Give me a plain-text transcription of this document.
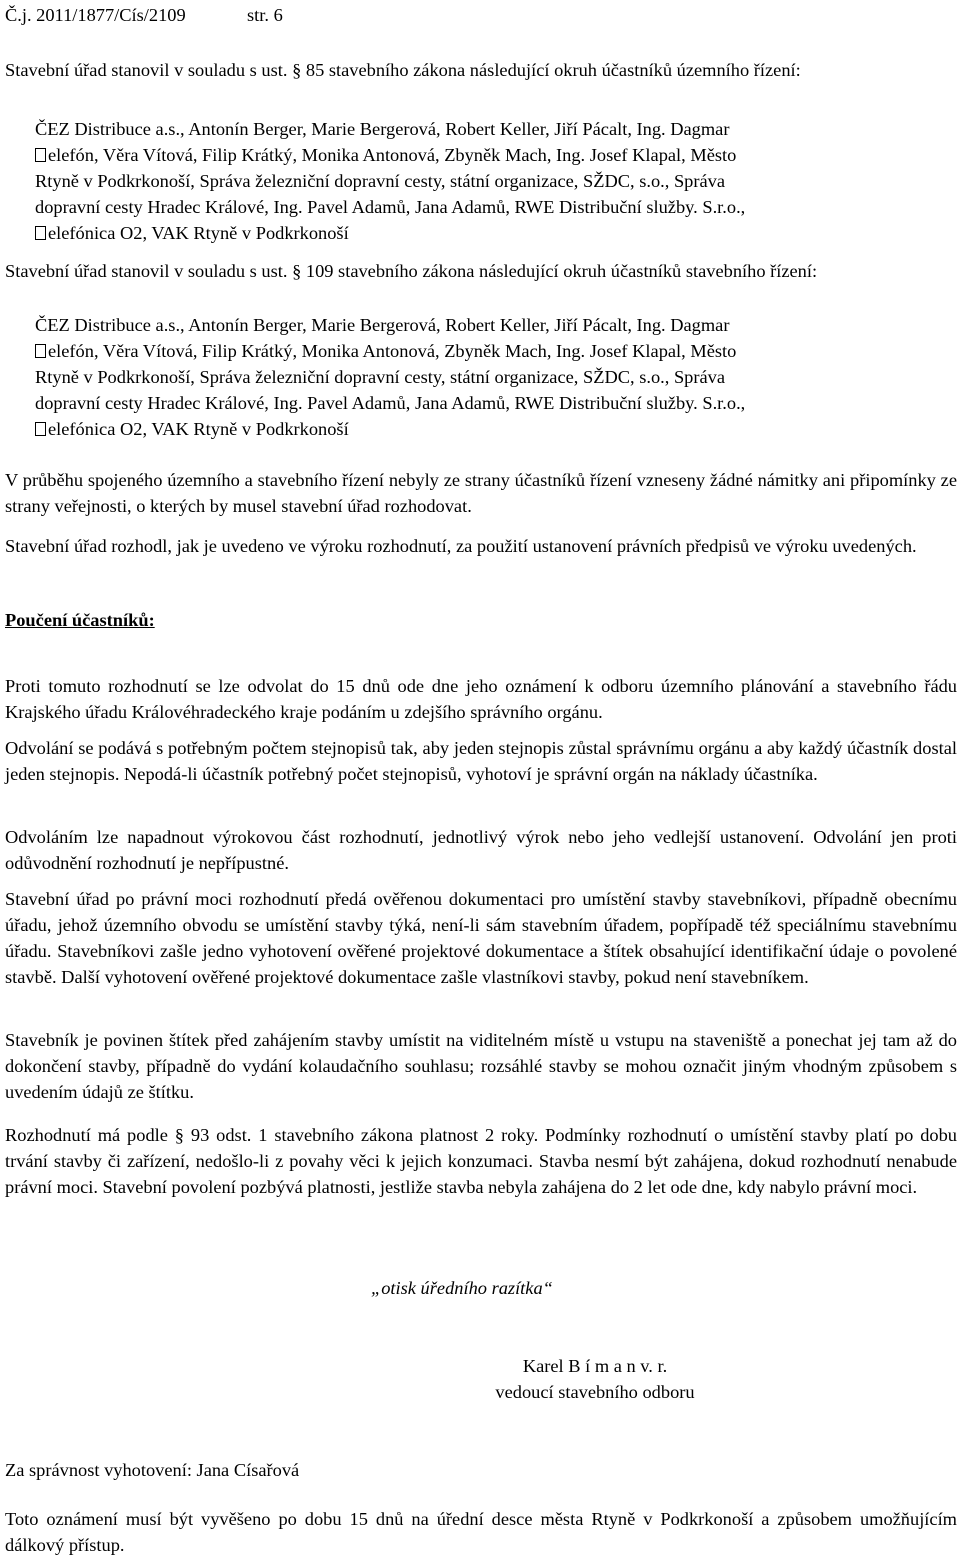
Č.j. 2011/1877/Cís/2109	str. 6

Stavební úřad stanovil v souladu s ust. § 85 stavebního zákona následující okruh účastníků územního řízení:

ČEZ Distribuce a.s., Antonín Berger, Marie Bergerová, Robert Keller, Jiří Pácalt, Ing. Dagmar
elefón, Věra Vítová, Filip Krátký, Monika Antonová, Zbyněk Mach, Ing. Josef Klapal, Město
Rtyně v Podkrkonoší, Správa železniční dopravní cesty, státní organizace, SŽDC, s.o., Správa
dopravní cesty Hradec Králové, Ing. Pavel Adamů, Jana Adamů, RWE Distribuční služby. S.r.o.,
elefónica O2, VAK Rtyně v Podkrkonoší

Stavební úřad stanovil v souladu s ust. § 109 stavebního zákona následující okruh účastníků stavebního řízení:

ČEZ Distribuce a.s., Antonín Berger, Marie Bergerová, Robert Keller, Jiří Pácalt, Ing. Dagmar
elefón, Věra Vítová, Filip Krátký, Monika Antonová, Zbyněk Mach, Ing. Josef Klapal, Město
Rtyně v Podkrkonoší, Správa železniční dopravní cesty, státní organizace, SŽDC, s.o., Správa
dopravní cesty Hradec Králové, Ing. Pavel Adamů, Jana Adamů, RWE Distribuční služby. S.r.o.,
elefónica O2, VAK Rtyně v Podkrkonoší

V průběhu spojeného územního a stavebního řízení nebyly ze strany účastníků řízení vzneseny žádné námitky ani připomínky ze strany veřejnosti, o kterých by musel stavební úřad rozhodovat.

Stavební úřad rozhodl, jak je uvedeno ve výroku rozhodnutí, za použití ustanovení právních předpisů ve výroku uvedených.

Poučení účastníků:

Proti tomuto rozhodnutí se lze odvolat do 15 dnů ode dne jeho oznámení k odboru územního plánování a stavebního řádu Krajského úřadu Královéhradeckého kraje podáním u zdejšího správního orgánu.

Odvolání se podává s potřebným počtem stejnopisů tak, aby jeden stejnopis zůstal správnímu orgánu a aby každý účastník dostal jeden stejnopis. Nepodá-li účastník potřebný počet stejnopisů, vyhotoví je správní orgán na náklady účastníka.

Odvoláním lze napadnout výrokovou část rozhodnutí, jednotlivý výrok nebo jeho vedlejší ustanovení. Odvolání jen proti odůvodnění rozhodnutí je nepřípustné.

Stavební úřad po právní moci rozhodnutí předá ověřenou dokumentaci pro umístění stavby stavebníkovi, případně obecnímu úřadu, jehož územního obvodu se umístění stavby týká, není-li sám stavebním úřadem, popřípadě též speciálnímu stavebnímu úřadu. Stavebníkovi zašle jedno vyhotovení ověřené projektové dokumentace a štítek obsahující identifikační údaje o povolené stavbě. Další vyhotovení ověřené projektové dokumentace zašle vlastníkovi stavby, pokud není stavebníkem.

Stavebník je povinen štítek před zahájením stavby umístit na viditelném místě u vstupu na staveniště a ponechat jej tam až do dokončení stavby, případně do vydání kolaudačního souhlasu; rozsáhlé stavby se mohou označit jiným vhodným způsobem s uvedením údajů ze štítku.

Rozhodnutí má podle § 93 odst. 1 stavebního zákona platnost 2 roky. Podmínky rozhodnutí o umístění stavby platí po dobu trvání stavby či zařízení, nedošlo-li z povahy věci k jejich konzumaci. Stavba nesmí být zahájena, dokud rozhodnutí nenabude právní moci. Stavební povolení pozbývá platnosti, jestliže stavba nebyla zahájena do 2 let ode dne, kdy nabylo právní moci.

„otisk úředního razítka“

Karel B í m a n v. r.
vedoucí stavebního odboru

Za správnost vyhotovení: Jana Císařová

Toto oznámení musí být vyvěšeno po dobu 15 dnů na úřední desce města Rtyně v Podkrkonoší a způsobem umožňujícím dálkový přístup.
